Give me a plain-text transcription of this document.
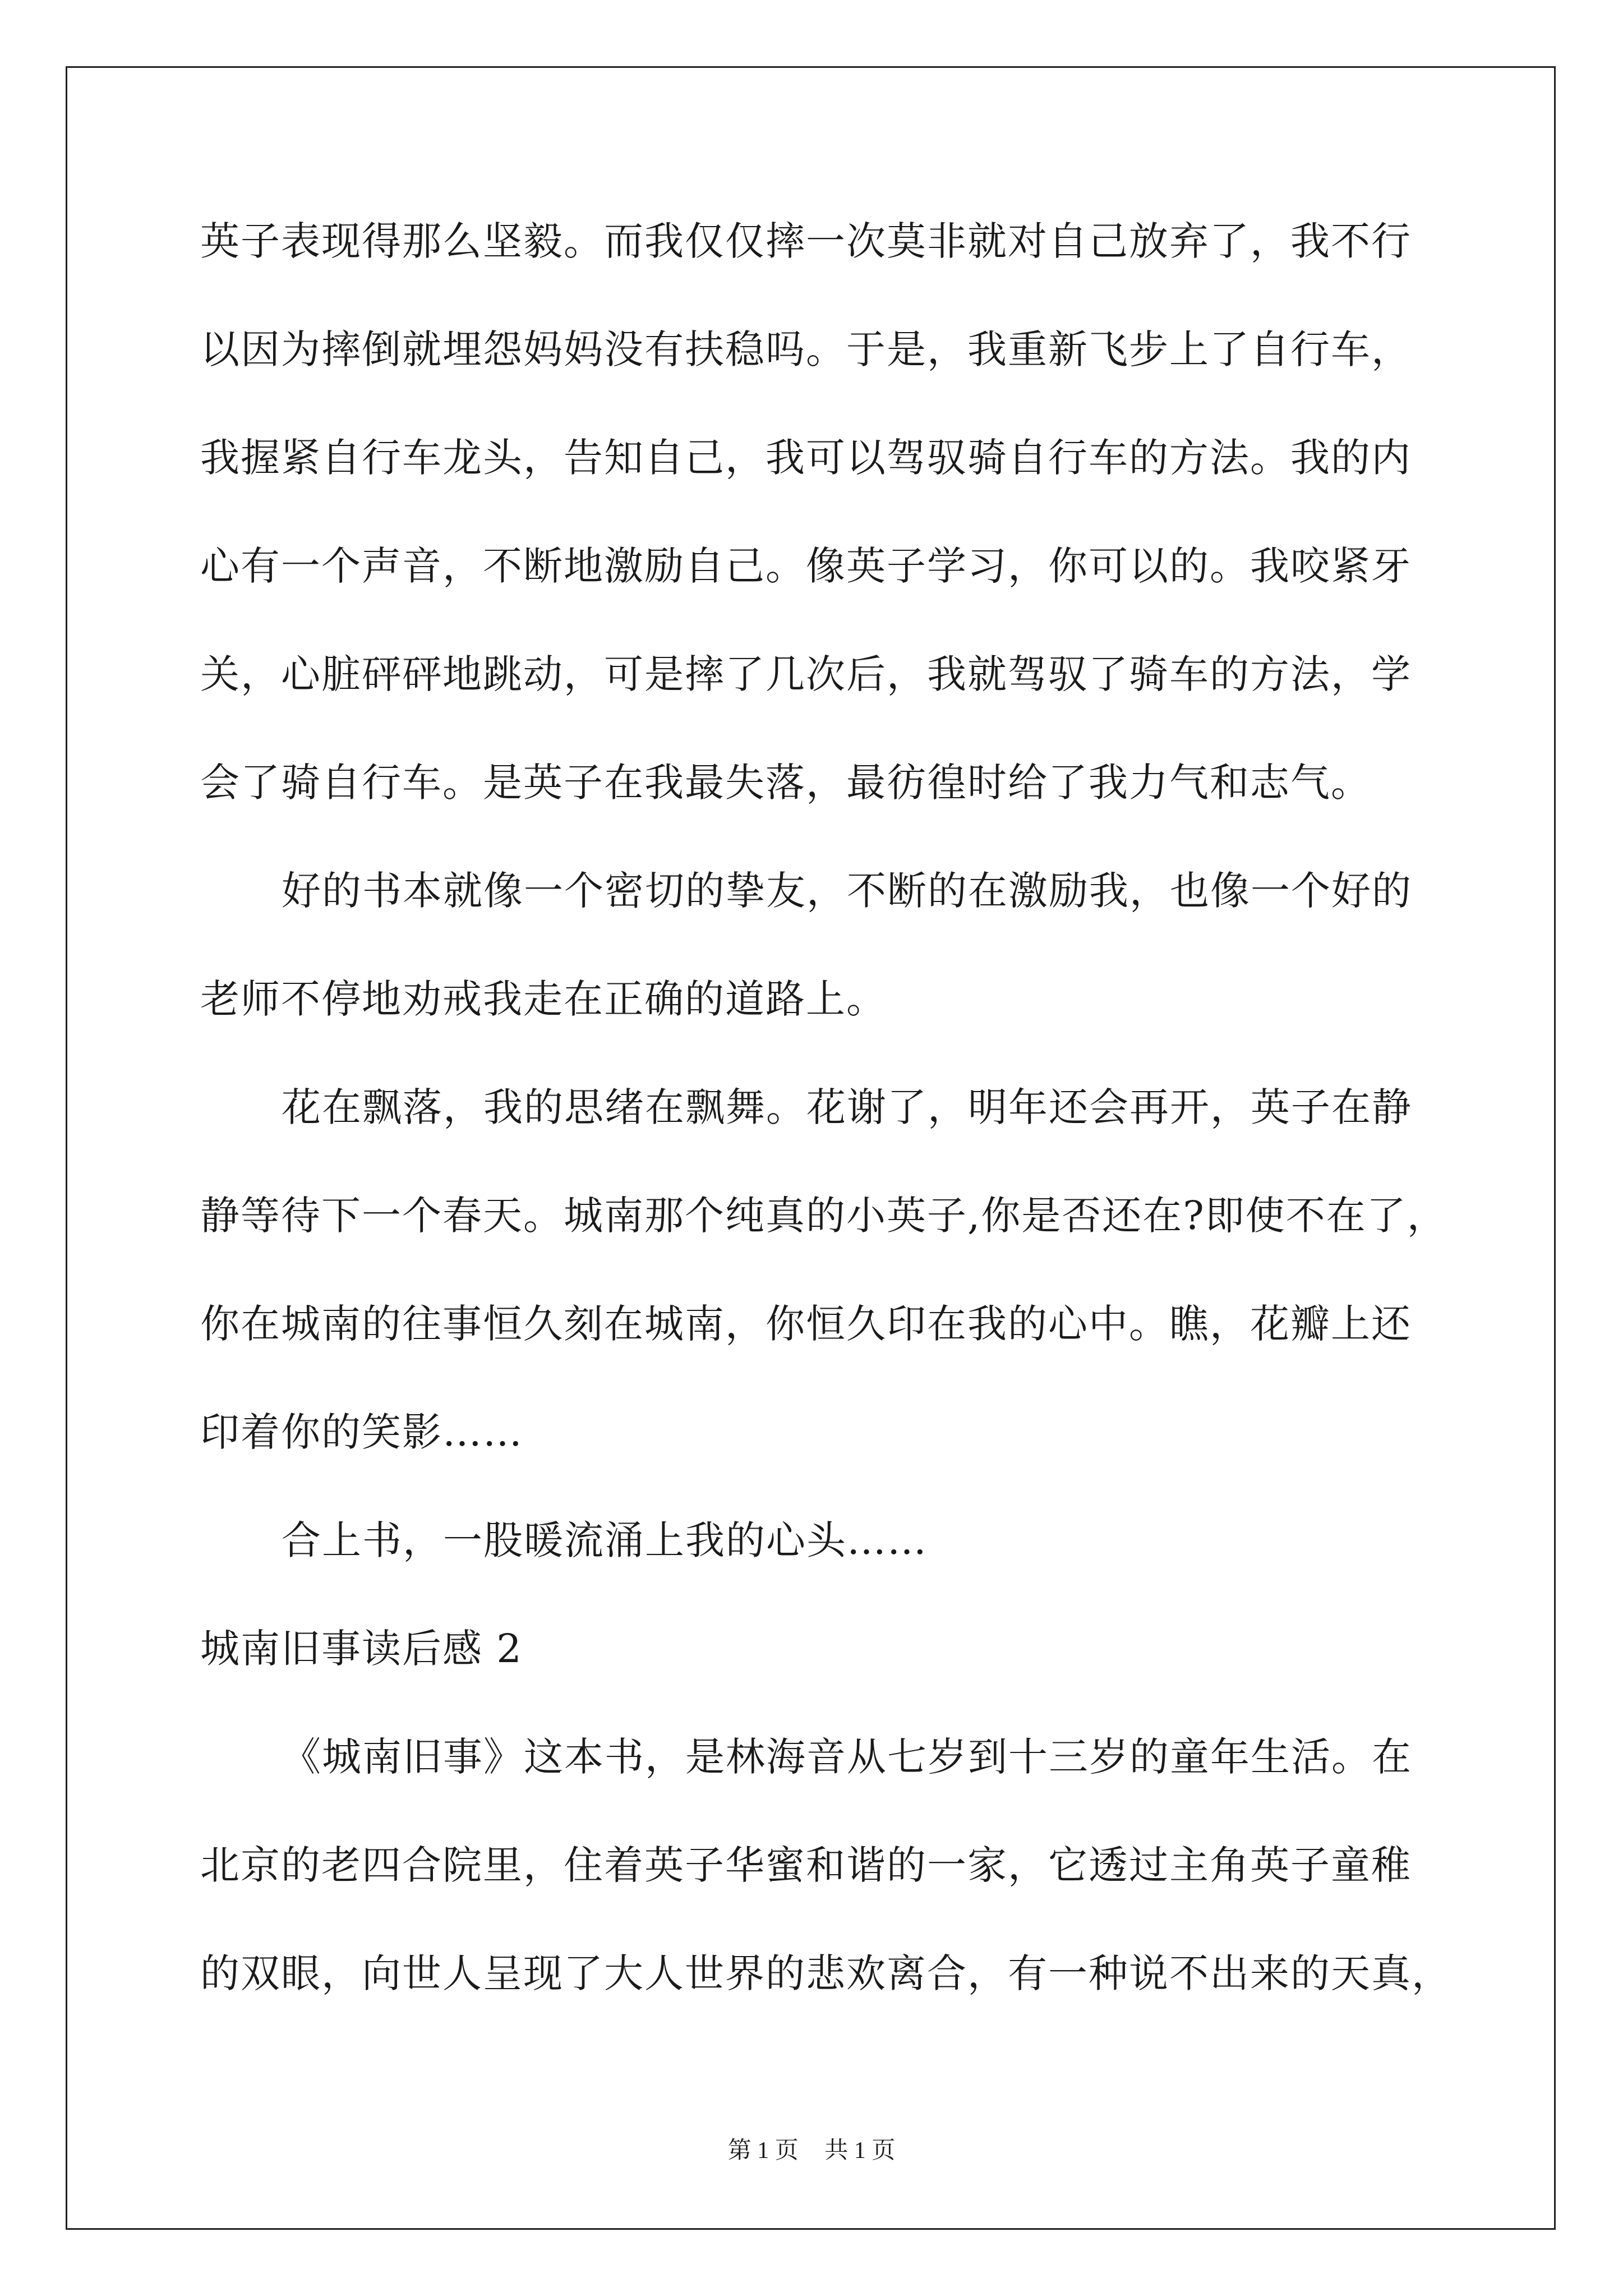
英子表现得那么坚毅。而我仅仅摔一次莫非就对自己放弃了，我不行
以因为摔倒就埋怨妈妈没有扶稳吗。于是，我重新飞步上了自行车，
我握紧自行车龙头，告知自己，我可以驾驭骑自行车的方法。我的内
心有一个声音，不断地激励自己。像英子学习，你可以的。我咬紧牙
关，心脏砰砰地跳动，可是摔了几次后，我就驾驭了骑车的方法，学
会了骑自行车。是英子在我最失落，最彷徨时给了我力气和志气。
好的书本就像一个密切的挚友，不断的在激励我，也像一个好的
老师不停地劝戒我走在正确的道路上。
花在飘落，我的思绪在飘舞。花谢了，明年还会再开，英子在静
静等待下一个春天。城南那个纯真的小英子,你是否还在?即使不在了，
你在城南的往事恒久刻在城南，你恒久印在我的心中。瞧，花瓣上还
印着你的笑影……
合上书，一股暖流涌上我的心头……
城南旧事读后感 2
《城南旧事》这本书，是林海音从七岁到十三岁的童年生活。在
北京的老四合院里，住着英子华蜜和谐的一家，它透过主角英子童稚
的双眼，向世人呈现了大人世界的悲欢离合，有一种说不出来的天真，
第 1 页 共 1 页
